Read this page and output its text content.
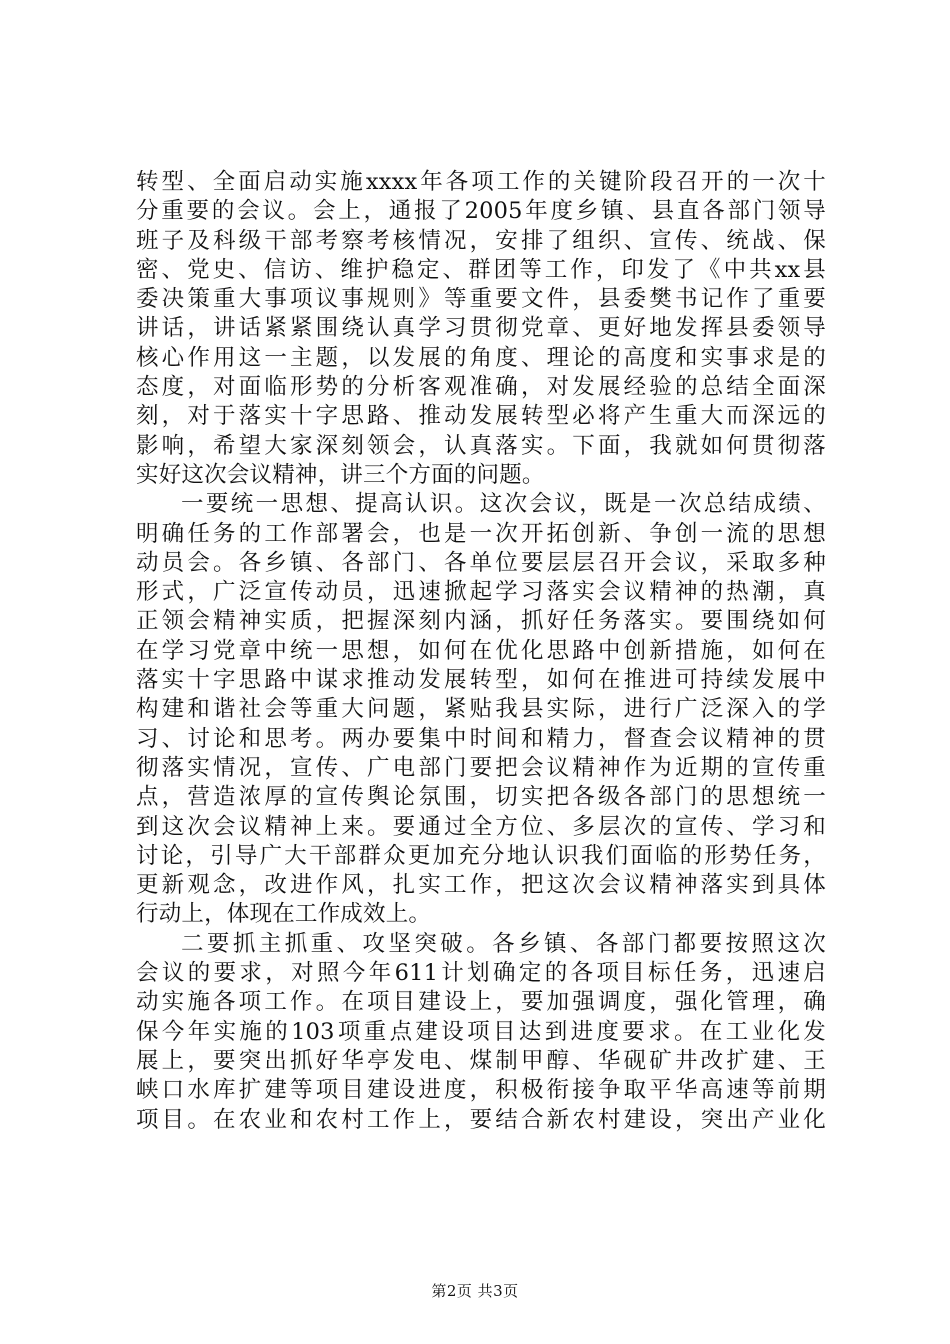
转型、全面启动实施xxxx年各项工作的关键阶段召开的一次十
分重要的会议。会上，通报了2005年度乡镇、县直各部门领导
班子及科级干部考察考核情况，安排了组织、宣传、统战、保
密、党史、信访、维护稳定、群团等工作，印发了《中共xx县
委决策重大事项议事规则》等重要文件，县委樊书记作了重要
讲话，讲话紧紧围绕认真学习贯彻党章、更好地发挥县委领导
核心作用这一主题，以发展的角度、理论的高度和实事求是的
态度，对面临形势的分析客观准确，对发展经验的总结全面深
刻，对于落实十字思路、推动发展转型必将产生重大而深远的
影响，希望大家深刻领会，认真落实。下面，我就如何贯彻落
实好这次会议精神，讲三个方面的问题。
一要统一思想、提高认识。这次会议，既是一次总结成绩、
明确任务的工作部署会，也是一次开拓创新、争创一流的思想
动员会。各乡镇、各部门、各单位要层层召开会议，采取多种
形式，广泛宣传动员，迅速掀起学习落实会议精神的热潮，真
正领会精神实质，把握深刻内涵，抓好任务落实。要围绕如何
在学习党章中统一思想，如何在优化思路中创新措施，如何在
落实十字思路中谋求推动发展转型，如何在推进可持续发展中
构建和谐社会等重大问题，紧贴我县实际，进行广泛深入的学
习、讨论和思考。两办要集中时间和精力，督查会议精神的贯
彻落实情况，宣传、广电部门要把会议精神作为近期的宣传重
点，营造浓厚的宣传舆论氛围，切实把各级各部门的思想统一
到这次会议精神上来。要通过全方位、多层次的宣传、学习和
讨论，引导广大干部群众更加充分地认识我们面临的形势任务，
更新观念，改进作风，扎实工作，把这次会议精神落实到具体
行动上，体现在工作成效上。
二要抓主抓重、攻坚突破。各乡镇、各部门都要按照这次
会议的要求，对照今年611计划确定的各项目标任务，迅速启
动实施各项工作。在项目建设上，要加强调度，强化管理，确
保今年实施的103项重点建设项目达到进度要求。在工业化发
展上，要突出抓好华亭发电、煤制甲醇、华砚矿井改扩建、王
峡口水库扩建等项目建设进度，积极衔接争取平华高速等前期
项目。在农业和农村工作上，要结合新农村建设，突出产业化
第2页 共3页
